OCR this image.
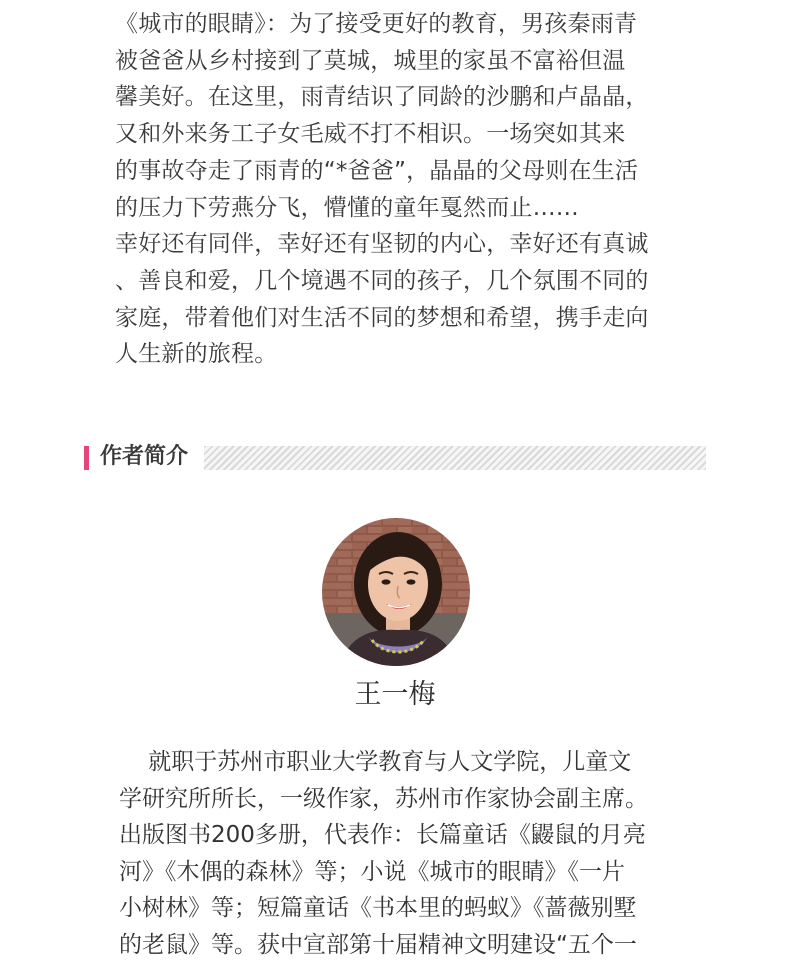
《城市的眼睛》：为了接受更好的教育，男孩秦雨青

被爸爸从乡村接到了莫城，城里的家虽不富裕但温

馨美好。在这里，雨青结识了同龄的沙鹏和卢晶晶，

又和外来务工子女毛威不打不相识。一场突如其来

的事故夺走了雨青的“*爸爸”，晶晶的父母则在生活

的压力下劳燕分飞，懵懂的童年戛然而止……

幸好还有同伴，幸好还有坚韧的内心，幸好还有真诚

、善良和爱，几个境遇不同的孩子，几个氛围不同的

家庭，带着他们对生活不同的梦想和希望，携手走向

人生新的旅程。

作者简介
王一梅

就职于苏州市职业大学教育与人文学院，儿童文

学研究所所长，一级作家，苏州市作家协会副主席。

出版图书200多册，代表作：长篇童话《鼹鼠的月亮

河》《木偶的森林》等；小说《城市的眼睛》《一片

小树林》等；短篇童话《书本里的蚂蚁》《蔷薇别墅

的老鼠》等。获中宣部第十届精神文明建设“五个一
